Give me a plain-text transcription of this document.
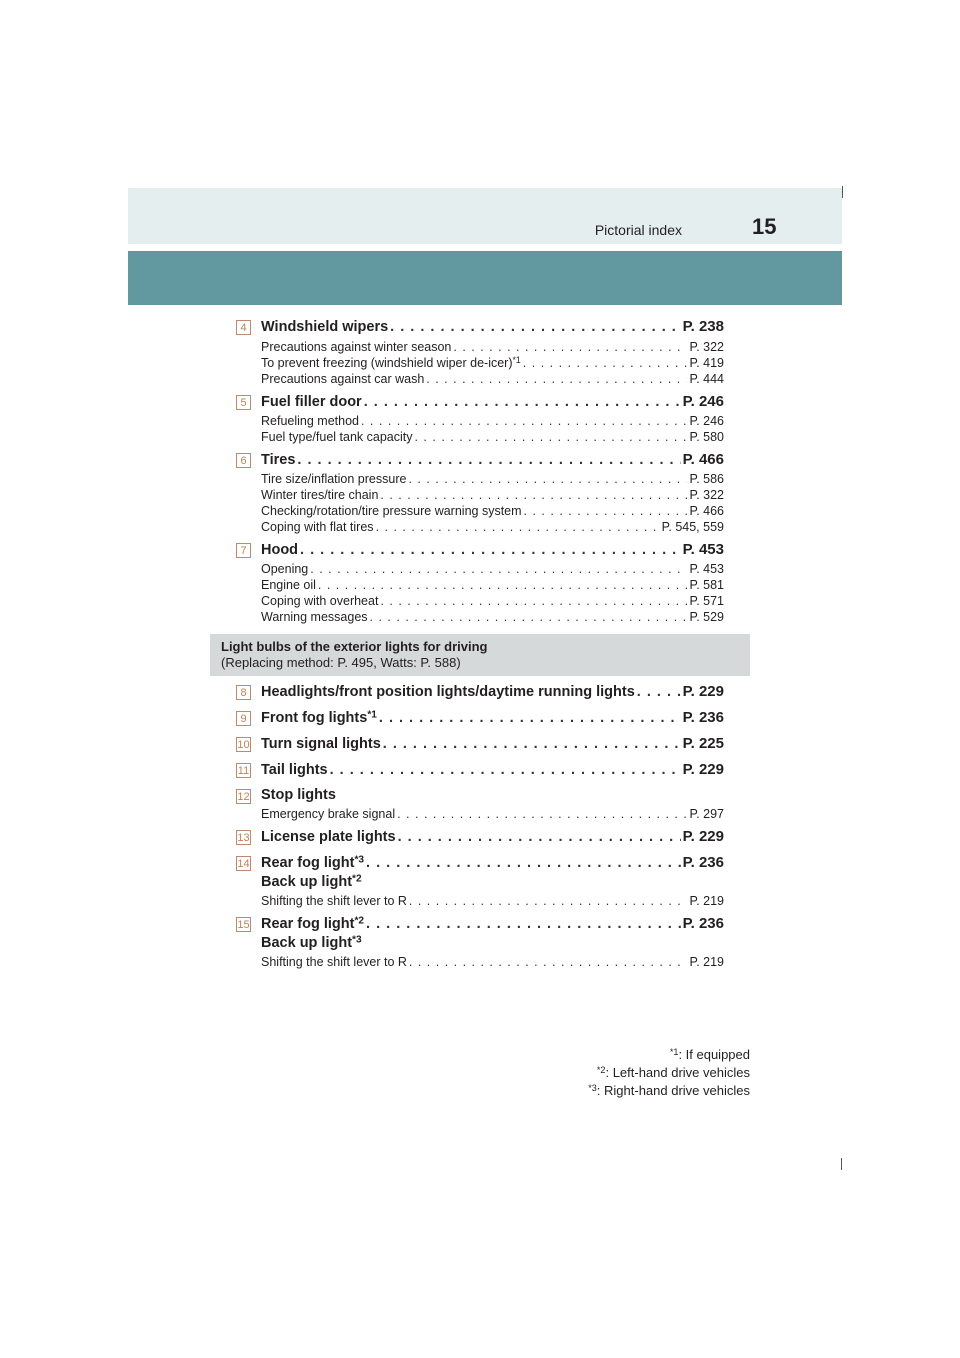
Pictorial index	15
4 Windshield wipers . . .	P. 238
Precautions against winter season . . .	P. 322
To prevent freezing (windshield wiper de-icer)$^{*1}$ . . .	P. 419
Precautions against car wash . . .	P. 444
5 Fuel filler door . . .	P. 246
Refueling method . . .	P. 246
Fuel type/fuel tank capacity . . .	P. 580
6 Tires . . .	P. 466
Tire size/inflation pressure . . .	P. 586
Winter tires/tire chain . . .	P. 322
Checking/rotation/tire pressure warning system . . .	P. 466
Coping with flat tires . . .	P. 545, 559
7 Hood . . .	P. 453
Opening . . .	P. 453
Engine oil . . .	P. 581
Coping with overheat . . .	P. 571
Warning messages . . .	P. 529
Light bulbs of the exterior lights for driving
(Replacing method: P. 495, Watts: P. 588)
8 Headlights/front position lights/daytime running lights . . .	P. 229
9 Front fog lights$^{*1}$ . . .	P. 236
10 Turn signal lights . . .	P. 225
11 Tail lights . . .	P. 229
12 Stop lights
Emergency brake signal . . .	P. 297
13 License plate lights . . .	P. 229
14 Rear fog light$^{*3}$ . . .	P. 236
Back up light$^{*2}$
Shifting the shift lever to R . . .	P. 219
15 Rear fog light$^{*2}$ . . .	P. 236
Back up light$^{*3}$
Shifting the shift lever to R . . .	P. 219
$^{*1}$: If equipped
$^{*2}$: Left-hand drive vehicles
$^{*3}$: Right-hand drive vehicles
